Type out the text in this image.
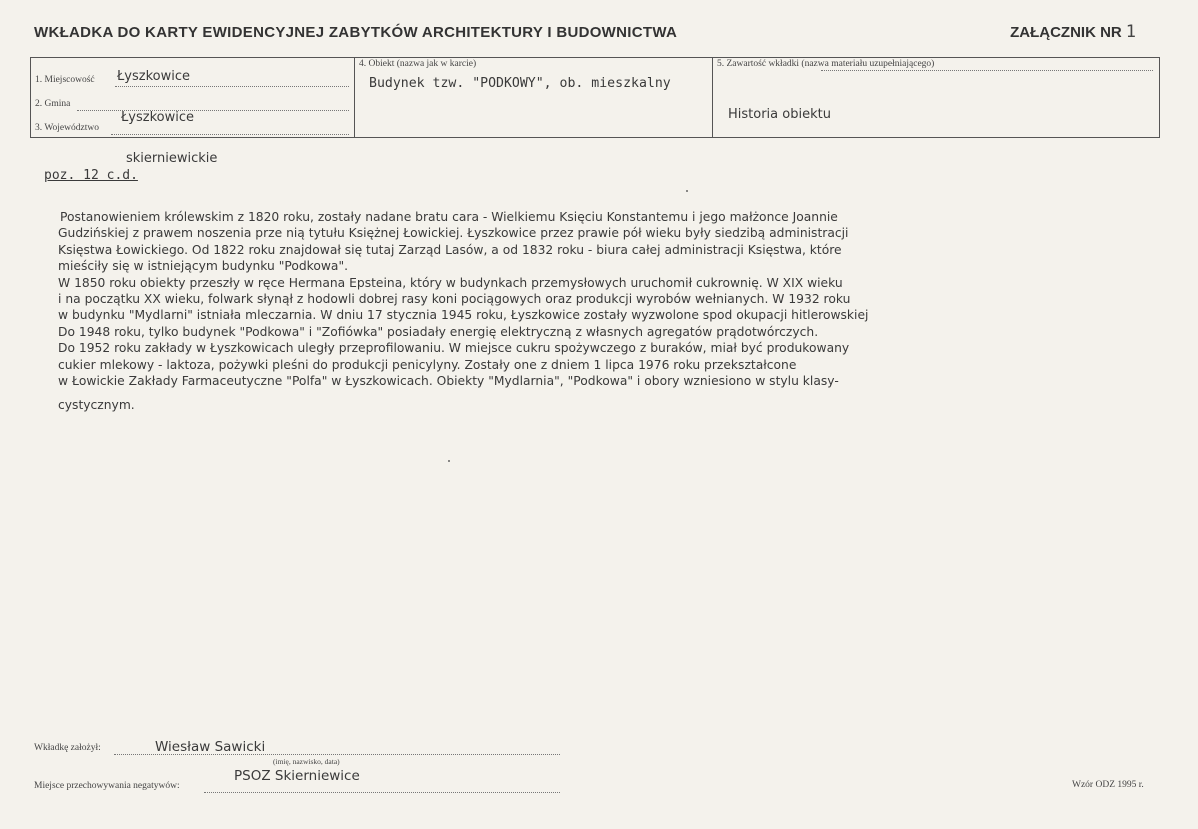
WKŁADKA DO KARTY EWIDENCYJNEJ ZABYTKÓW ARCHITEKTURY I BUDOWNICTWA	ZAŁĄCZNIK NR 1
1. Miejscowość Łyszkowice
2. Gmina
Łyszkowice
3. Województwo
4. Obiekt (nazwa jak w karcie)
Budynek tzw. "PODKOWY", ob. mieszkalny
5. Zawartość wkładki (nazwa materiału uzupełniającego)
Historia obiektu
skierniewickie
poz. 12 c.d.
Postanowieniem królewskim z 1820 roku, zostały nadane bratu cara - Wielkiemu Księciu Konstantemu i jego małżonce Joannie
Gudzińskiej z prawem noszenia prze nią tytułu Księżnej Łowickiej. Łyszkowice przez prawie pół wieku były siedzibą administracji
Księstwa Łowickiego. Od 1822 roku znajdował się tutaj Zarząd Lasów, a od 1832 roku - biura całej administracji Księstwa, które
mieściły się w istniejącym budynku "Podkowa".
W 1850 roku obiekty przeszły w ręce Hermana Epsteina, który w budynkach przemysłowych uruchomił cukrownię. W XIX wieku
i na początku XX wieku, folwark słynął z hodowli dobrej rasy koni pociągowych oraz produkcji wyrobów wełnianych. W 1932 roku
w budynku "Mydlarni" istniała mleczarnia. W dniu 17 stycznia 1945 roku, Łyszkowice zostały wyzwolone spod okupacji hitlerowskiej
Do 1948 roku, tylko budynek "Podkowa" i "Zofiówka" posiadały energię elektryczną z własnych agregatów prądotwórczych.
Do 1952 roku zakłady w Łyszkowicach uległy przeprofilowaniu. W miejsce cukru spożywczego z buraków, miał być produkowany
cukier mlekowy - laktoza, pożywki pleśni do produkcji penicylyny. Zostały one z dniem 1 lipca 1976 roku przekształcone
w Łowickie Zakłady Farmaceutyczne "Polfa" w Łyszkowicach. Obiekty "Mydlarnia", "Podkowa" i obory wzniesiono w stylu klasy-
cystycznym.
Wkładkę założył:	Wiesław Sawicki
(imię, nazwisko, data)
Miejsce przechowywania negatywów:
PSOZ Skierniewice
Wzór ODZ 1995 r.
